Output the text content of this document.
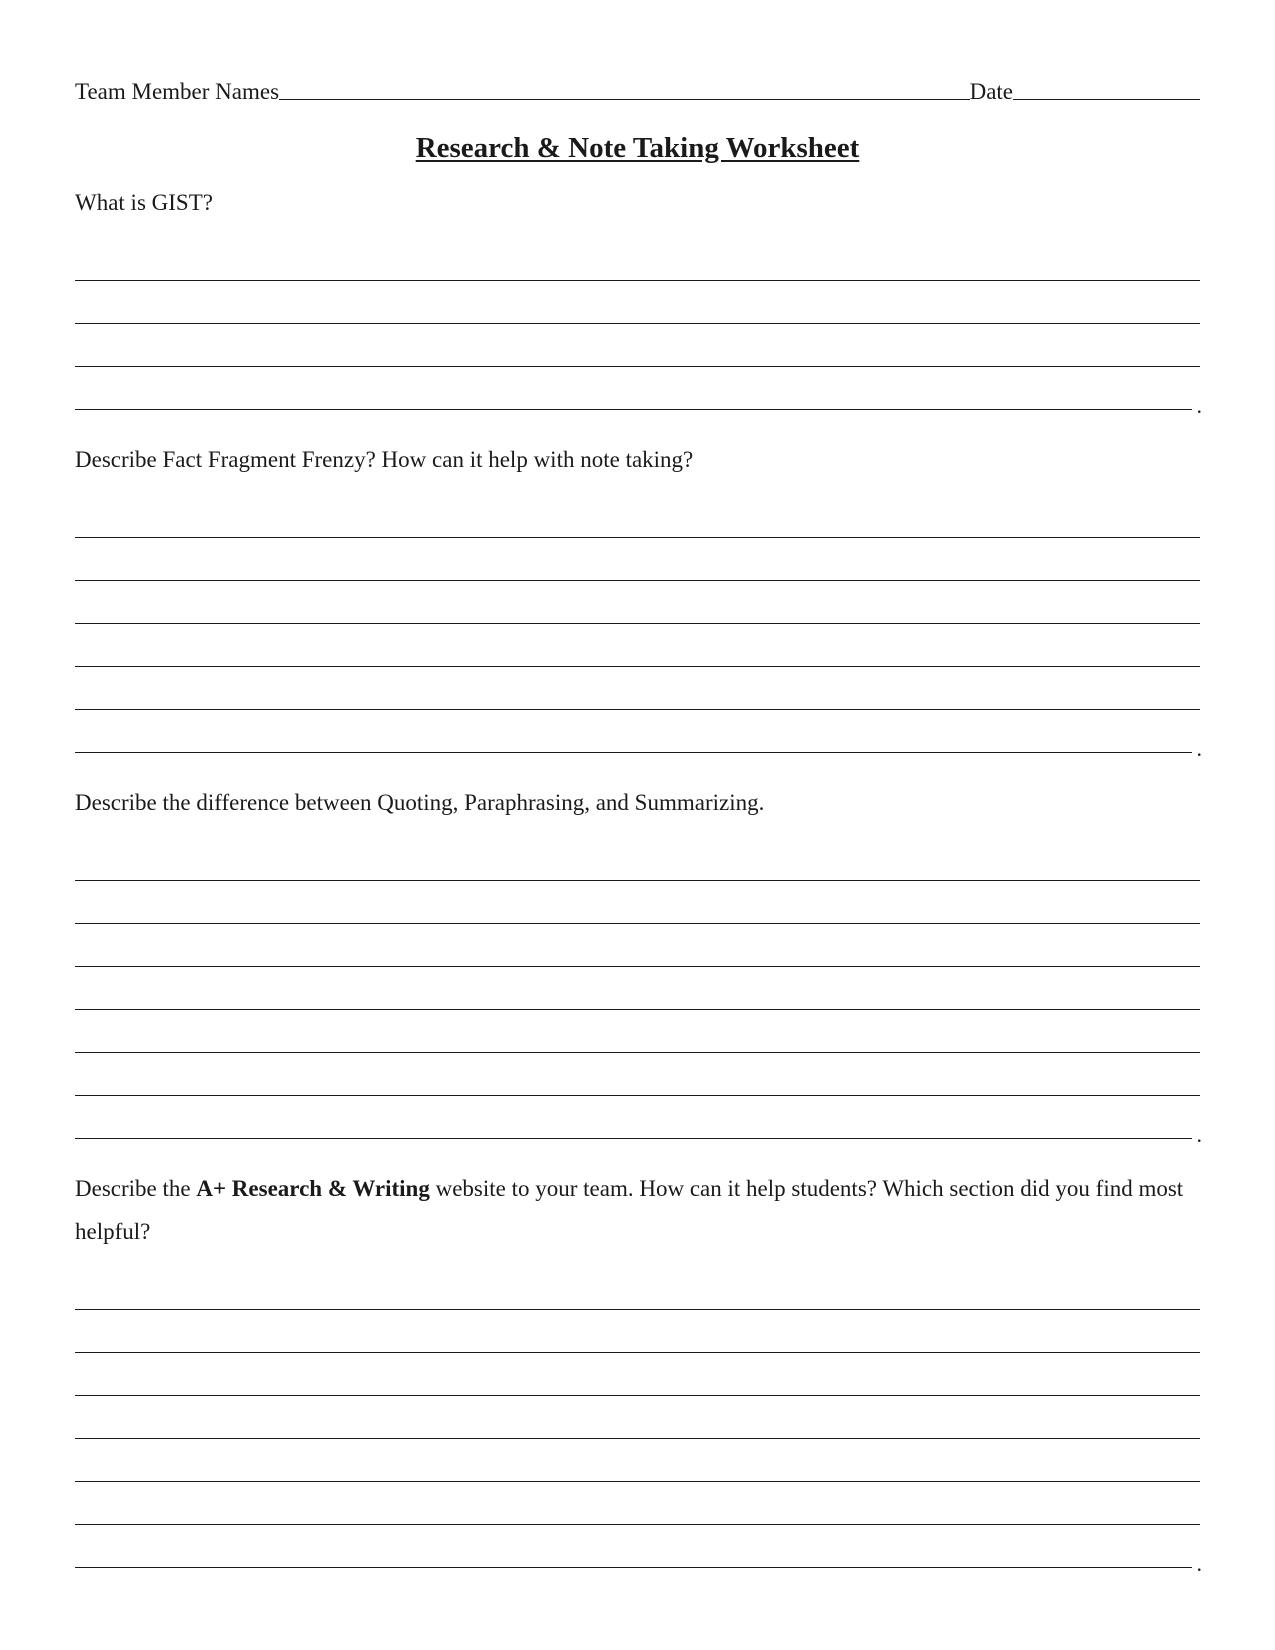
Team Member Names	Date
Research & Note Taking Worksheet

What is GIST?

.

Describe Fact Fragment Frenzy? How can it help with note taking?

.

Describe the difference between Quoting, Paraphrasing, and Summarizing.

.

Describe the A+ Research & Writing website to your team. How can it help students? Which section did you find most helpful?

.
